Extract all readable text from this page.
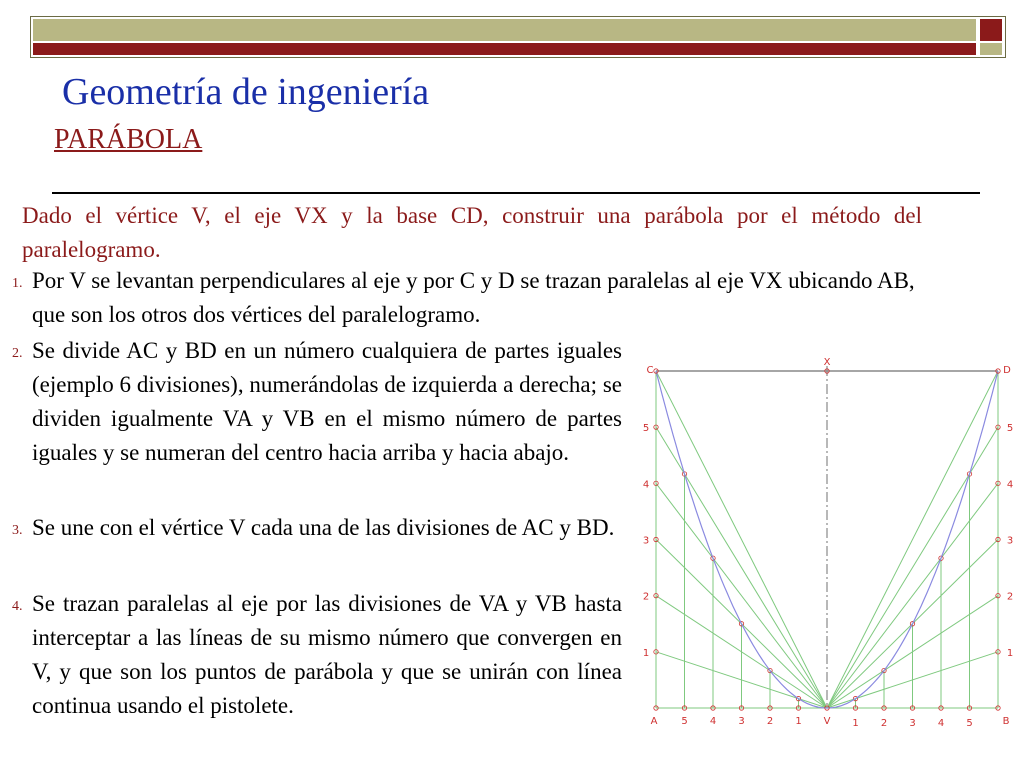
Geometría de ingeniería
PARÁBOLA
Dado el vértice V, el eje VX y la base CD, construir una parábola por el método del paralelogramo.
1. Por V se levantan perpendiculares al eje y por C y D se trazan paralelas al eje VX ubicando AB, que son los otros dos vértices del paralelogramo.
2. Se divide AC y BD en un número cualquiera de partes iguales (ejemplo 6 divisiones), numerándolas de izquierda a derecha; se dividen igualmente VA y VB en el mismo número de partes iguales y se numeran del centro hacia arriba y hacia abajo.
3. Se une con el vértice V cada una de las divisiones de AC y BD.
4. Se trazan paralelas al eje por las divisiones de VA y VB hasta interceptar a las líneas de su mismo número que convergen en V, y que son los puntos de parábola y que se unirán con línea continua usando el pistolete.
C
X
D
A	V	B
5	5
4	4
3	3
2	2
1	1
5 4 3 2 1	1 2 3 4 5
